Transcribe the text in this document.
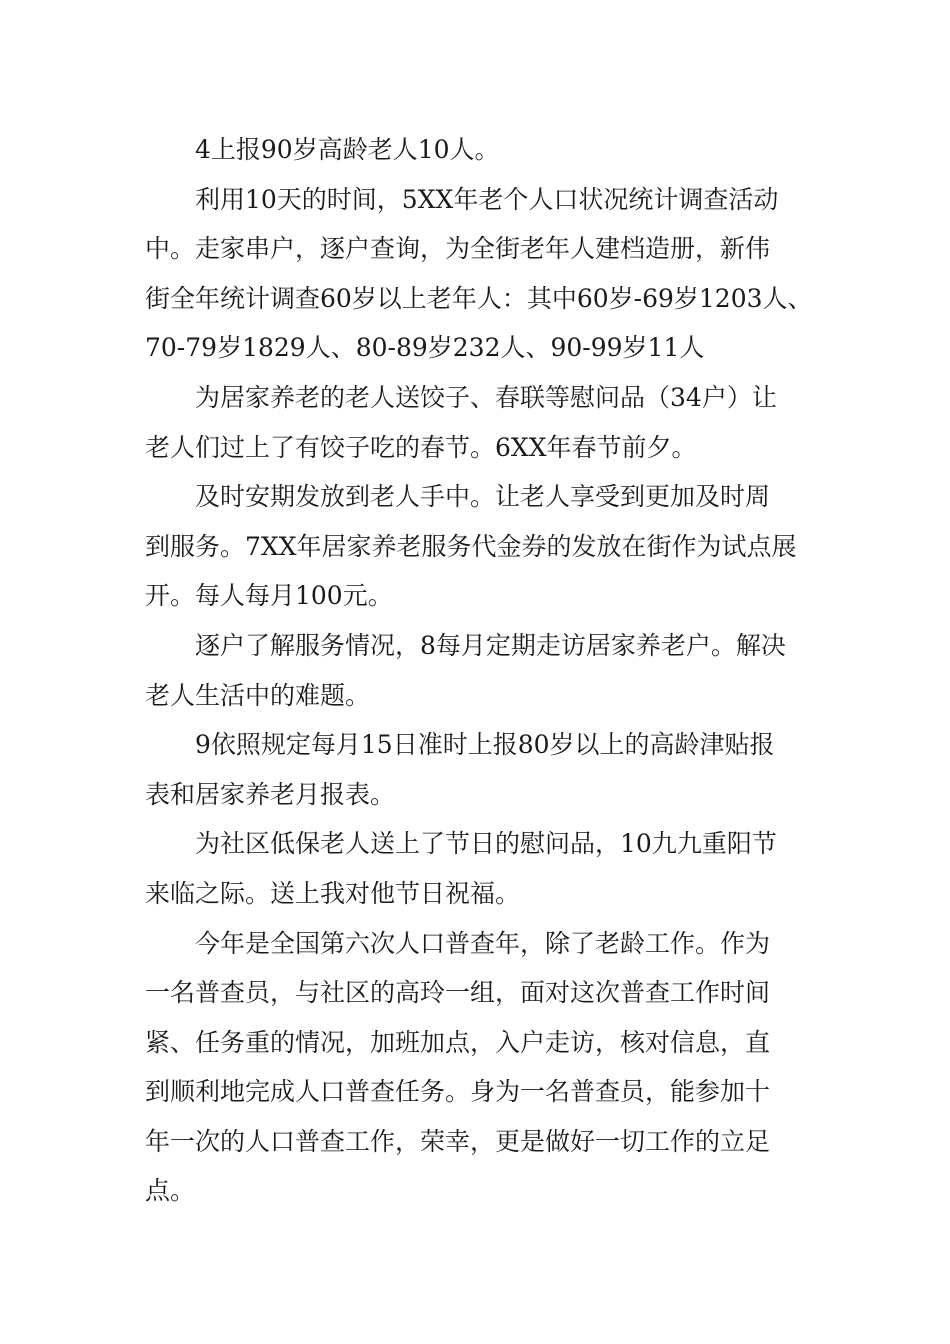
4上报90岁高龄老人10人。

利用10天的时间，5XX年老个人口状况统计调查活动
中。走家串户，逐户查询，为全街老年人建档造册，新伟
街全年统计调查60岁以上老年人：其中60岁-69岁1203人、
70-79岁1829人、80-89岁232人、90-99岁11人

为居家养老的老人送饺子、春联等慰问品（34户）让
老人们过上了有饺子吃的春节。6XX年春节前夕。

及时安期发放到老人手中。让老人享受到更加及时周
到服务。7XX年居家养老服务代金券的发放在街作为试点展
开。每人每月100元。

逐户了解服务情况，8每月定期走访居家养老户。解决
老人生活中的难题。

9依照规定每月15日准时上报80岁以上的高龄津贴报
表和居家养老月报表。

为社区低保老人送上了节日的慰问品，10九九重阳节
来临之际。送上我对他节日祝福。

今年是全国第六次人口普查年，除了老龄工作。作为
一名普查员，与社区的高玲一组，面对这次普查工作时间
紧、任务重的情况，加班加点，入户走访，核对信息，直
到顺利地完成人口普查任务。身为一名普查员，能参加十
年一次的人口普查工作，荣幸，更是做好一切工作的立足
点。
